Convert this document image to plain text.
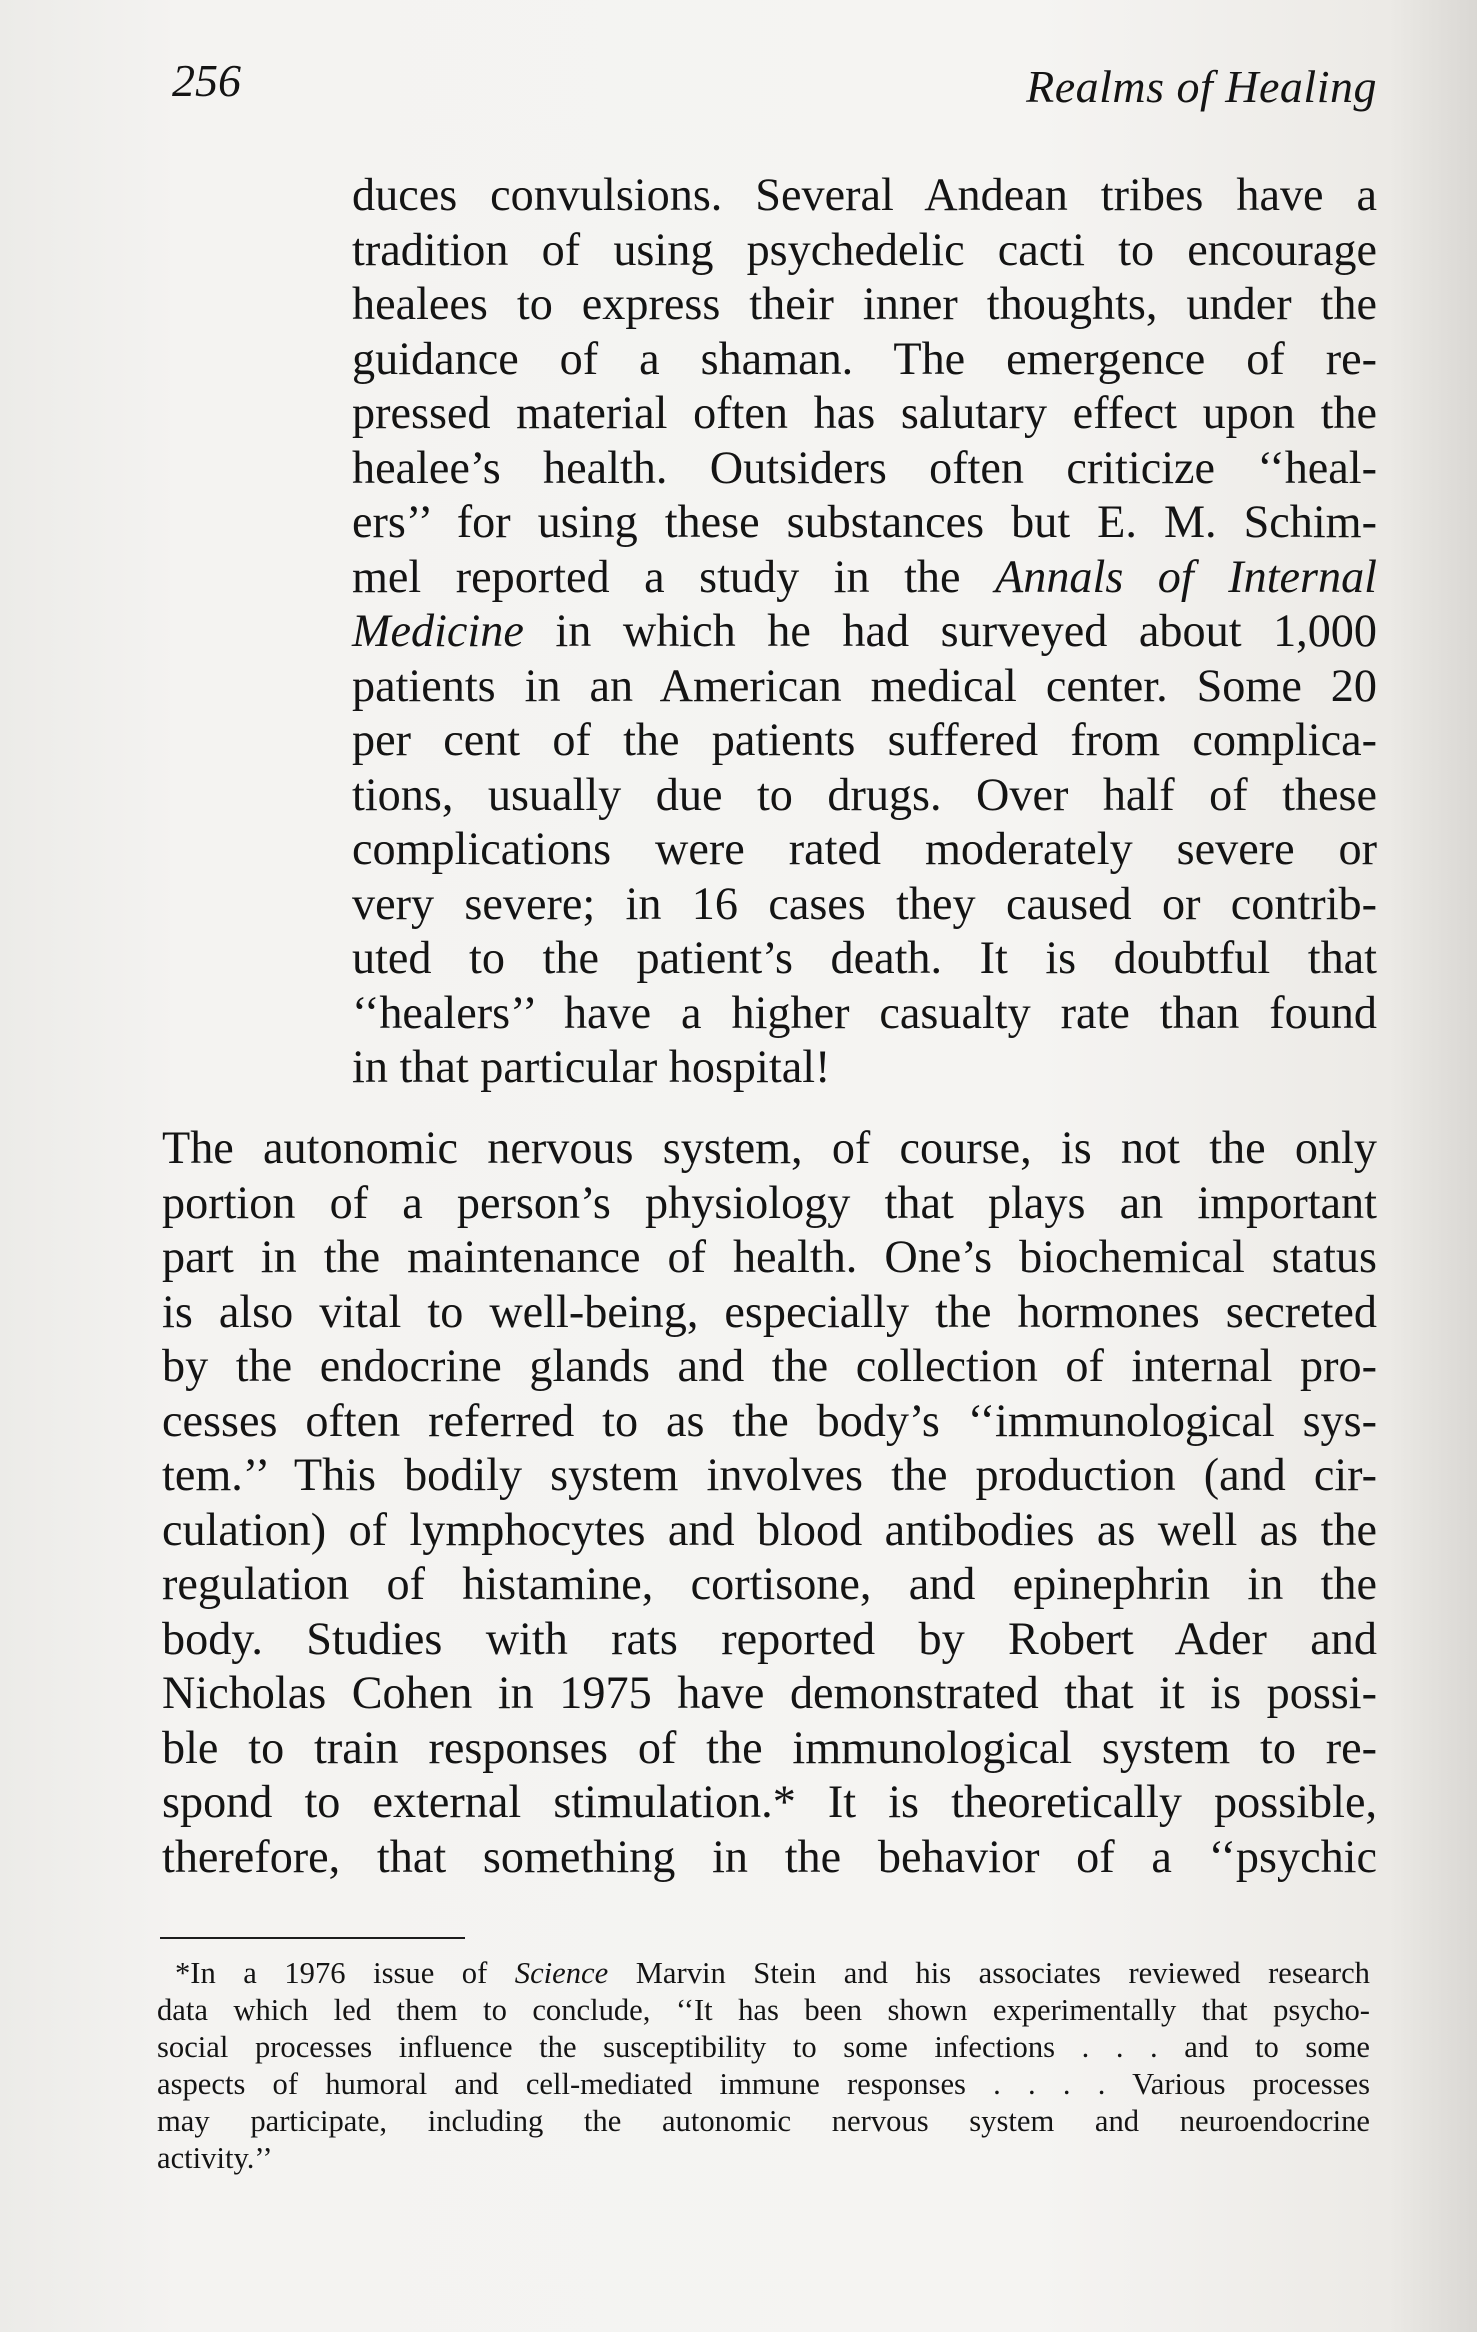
256	Realms of Healing
duces convulsions. Several Andean tribes have a
tradition of using psychedelic cacti to encourage
healees to express their inner thoughts, under the
guidance of a shaman. The emergence of re-
pressed material often has salutary effect upon the
healee’s health. Outsiders often criticize ‘‘heal-
ers’’ for using these substances but E. M. Schim-
mel reported a study in the Annals of Internal
Medicine in which he had surveyed about 1,000
patients in an American medical center. Some 20
per cent of the patients suffered from complica-
tions, usually due to drugs. Over half of these
complications were rated moderately severe or
very severe; in 16 cases they caused or contrib-
uted to the patient’s death. It is doubtful that
‘‘healers’’ have a higher casualty rate than found
in that particular hospital!
The autonomic nervous system, of course, is not the only
portion of a person’s physiology that plays an important
part in the maintenance of health. One’s biochemical status
is also vital to well-being, especially the hormones secreted
by the endocrine glands and the collection of internal pro-
cesses often referred to as the body’s ‘‘immunological sys-
tem.’’ This bodily system involves the production (and cir-
culation) of lymphocytes and blood antibodies as well as the
regulation of histamine, cortisone, and epinephrin in the
body. Studies with rats reported by Robert Ader and
Nicholas Cohen in 1975 have demonstrated that it is possi-
ble to train responses of the immunological system to re-
spond to external stimulation.* It is theoretically possible,
therefore, that something in the behavior of a ‘‘psychic
*In a 1976 issue of Science Marvin Stein and his associates reviewed research
data which led them to conclude, ‘‘It has been shown experimentally that psycho-
social processes influence the susceptibility to some infections . . . and to some
aspects of humoral and cell-mediated immune responses . . . . Various processes
may participate, including the autonomic nervous system and neuroendocrine
activity.’’
